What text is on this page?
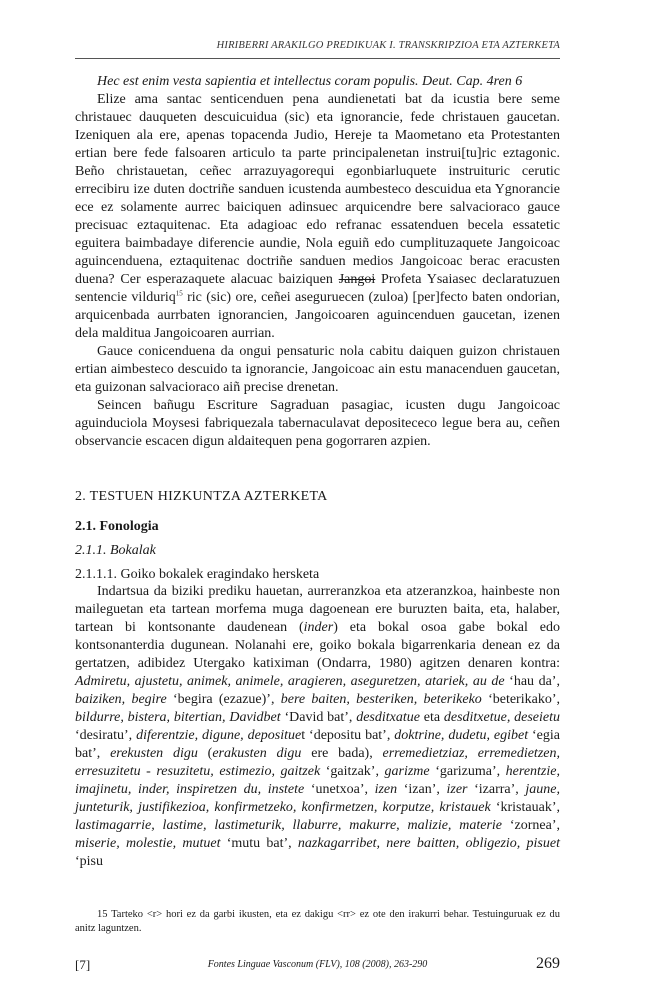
HIRIBERRI ARAKILGO PREDIKUAK I. TRANSKRIPZIOA ETA AZTERKETA

Hec est enim vesta sapientia et intellectus coram populis. Deut. Cap. 4ren 6

Elize ama santac senticenduen pena aundienetati bat da icustia bere seme christauec dauqueten descuicuidua (sic) eta ignorancie, fede christauen gaucetan. Izeniquen ala ere, apenas topacenda Judio, Hereje ta Maometano eta Protestanten ertian bere fede falsoaren articulo ta parte principalenetan instrui[tu]ric eztagonic. Beño christauetan, ceñec arrazuyagorequi egonbiarluquete instruituric cerutic errecibiru ize duten doctriñe sanduen icustenda aumbesteco descuidua eta Ygnorancie ece ez solamente aurrec baiciquen adinsuec arquicendre bere salvacioraco gauce precisuac eztaquitenac. Eta adagioac edo refranac essatenduen becela essatetic eguitera baimbadaye diferencie aundie, Nola eguiñ edo cumplituzaquete Jangoicoac aguincenduena, eztaquitenac doctriñe sanduen medios Jangoicoac berac eracusten duena? Cer esperazaquete alacuac baiziquen Jangoi Profeta Ysaiasec declaratuzuen sentencie vilduriq$^{15}$ ric (sic) ore, ceñei aseguruecen (zuloa) [per]fecto baten ondorian, arquicenbada aurrbaten ignorancien, Jangoicoaren aguincenduen gaucetan, izenen dela malditua Jangoicoaren aurrian.

Gauce conicenduena da ongui pensaturic nola cabitu daiquen guizon christauen ertian aimbesteco descuido ta ignorancie, Jangoicoac ain estu manacenduen gaucetan, eta guizonan salvacioraco aiñ precise drenetan.

Seincen bañugu Escriture Sagraduan pasagiac, icusten dugu Jangoicoac aguinduciola Moysesi fabriquezala tabernaculavat depositececo legue bera au, ceñen observancie escacen digun aldaitequen pena gogorraren azpien.

2. TESTUEN HIZKUNTZA AZTERKETA
2.1. Fonologia
2.1.1. Bokalak
2.1.1.1. Goiko bokalek eragindako hersketa

Indartsua da biziki prediku hauetan, aurreranzkoa eta atzeranzkoa, hainbeste non maileguetan eta tartean morfema muga dagoenean ere buruzten baita, eta, halaber, tartean bi kontsonante daudenean (inder) eta bokal osoa gabe bokal edo kontsonanterdia dugunean. Nolanahi ere, goiko bokala bigarrenkaria denean ez da gertatzen, adibidez Utergako katiximan (Ondarra, 1980) agitzen denaren kontra: Admiretu, ajustetu, animek, animele, aragieren, aseguretzen, atariek, au de ‘hau da’, baiziken, begire ‘begira (ezazue)’, bere baiten, besteriken, beterikeko ‘beterikako’, bildurre, bistera, bitertian, Davidbet ‘David bat’, desditxatue eta desditxetue, deseietu ‘desiratu’, diferentzie, digune, deposituet ‘depositu bat’, doktrine, dudetu, egibet ‘egia bat’, erekusten digu (erakusten digu ere bada), erremedietziaz, erremedietzen, erresuzitetu - resuzitetu, estimezio, gaitzek ‘gaitzak’, garizme ‘garizuma’, herentzie, imajinetu, inder, inspiretzen du, instete ‘unetxoa’, izen ‘izan’, izer ‘izarra’, jaune, junteturik, justifikezioa, konfirmetzeko, konfirmetzen, korputze, kristauek ‘kristauak’, lastimagarrie, lastime, lastimeturik, llaburre, makurre, malizie, materie ‘zornea’, miserie, molestie, mutuet ‘mutu bat’, nazkagarribet, nere baitten, obligezio, pisuet ‘pisu

15 Tarteko <r> hori ez da garbi ikusten, eta ez dakigu <rr> ez ote den irakurri behar. Testuinguruak ez du anitz laguntzen.

[7]	Fontes Linguae Vasconum (FLV), 108 (2008), 263-290	269
